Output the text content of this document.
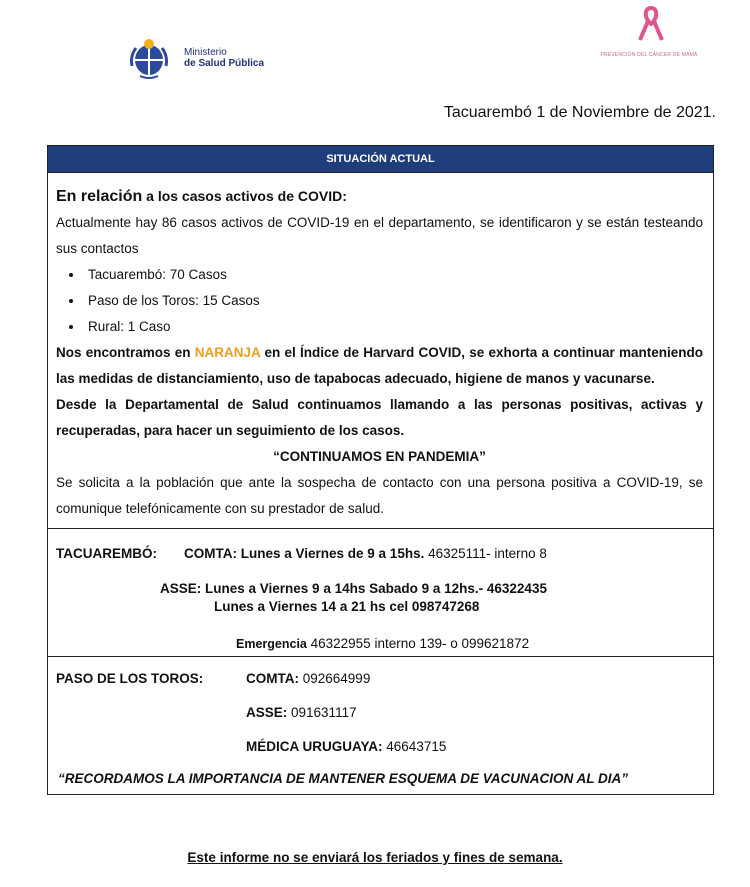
Ministerio
de Salud Pública
PREVENCIÓN DEL CÁNCER DE MAMA
Tacuarembó 1 de Noviembre de 2021.
SITUACIÓN ACTUAL
En relación a los casos activos de COVID:
Actualmente hay 86 casos activos de COVID-19 en el departamento, se identificaron y se están testeando sus contactos
• Tacuarembó: 70 Casos
• Paso de los Toros: 15 Casos
• Rural: 1 Caso
Nos encontramos en NARANJA en el Índice de Harvard COVID, se exhorta a continuar manteniendo las medidas de distanciamiento, uso de tapabocas adecuado, higiene de manos y vacunarse.
Desde la Departamental de Salud continuamos llamando a las personas positivas, activas y recuperadas, para hacer un seguimiento de los casos.
“CONTINUAMOS EN PANDEMIA”
Se solicita a la población que ante la sospecha de contacto con una persona positiva a COVID-19, se comunique telefónicamente con su prestador de salud.
TACUAREMBÓ: COMTA: Lunes a Viernes de 9 a 15hs. 46325111- interno 8
ASSE: Lunes a Viernes 9 a 14hs Sabado 9 a 12hs.- 46322435
Lunes a Viernes 14 a 21 hs cel 098747268
Emergencia 46322955 interno 139- o 099621872
PASO DE LOS TOROS:	COMTA: 092664999
ASSE: 091631117
MÉDICA URUGUAYA: 46643715
“RECORDAMOS LA IMPORTANCIA DE MANTENER ESQUEMA DE VACUNACION AL DIA”
Este informe no se enviará los feriados y fines de semana.
